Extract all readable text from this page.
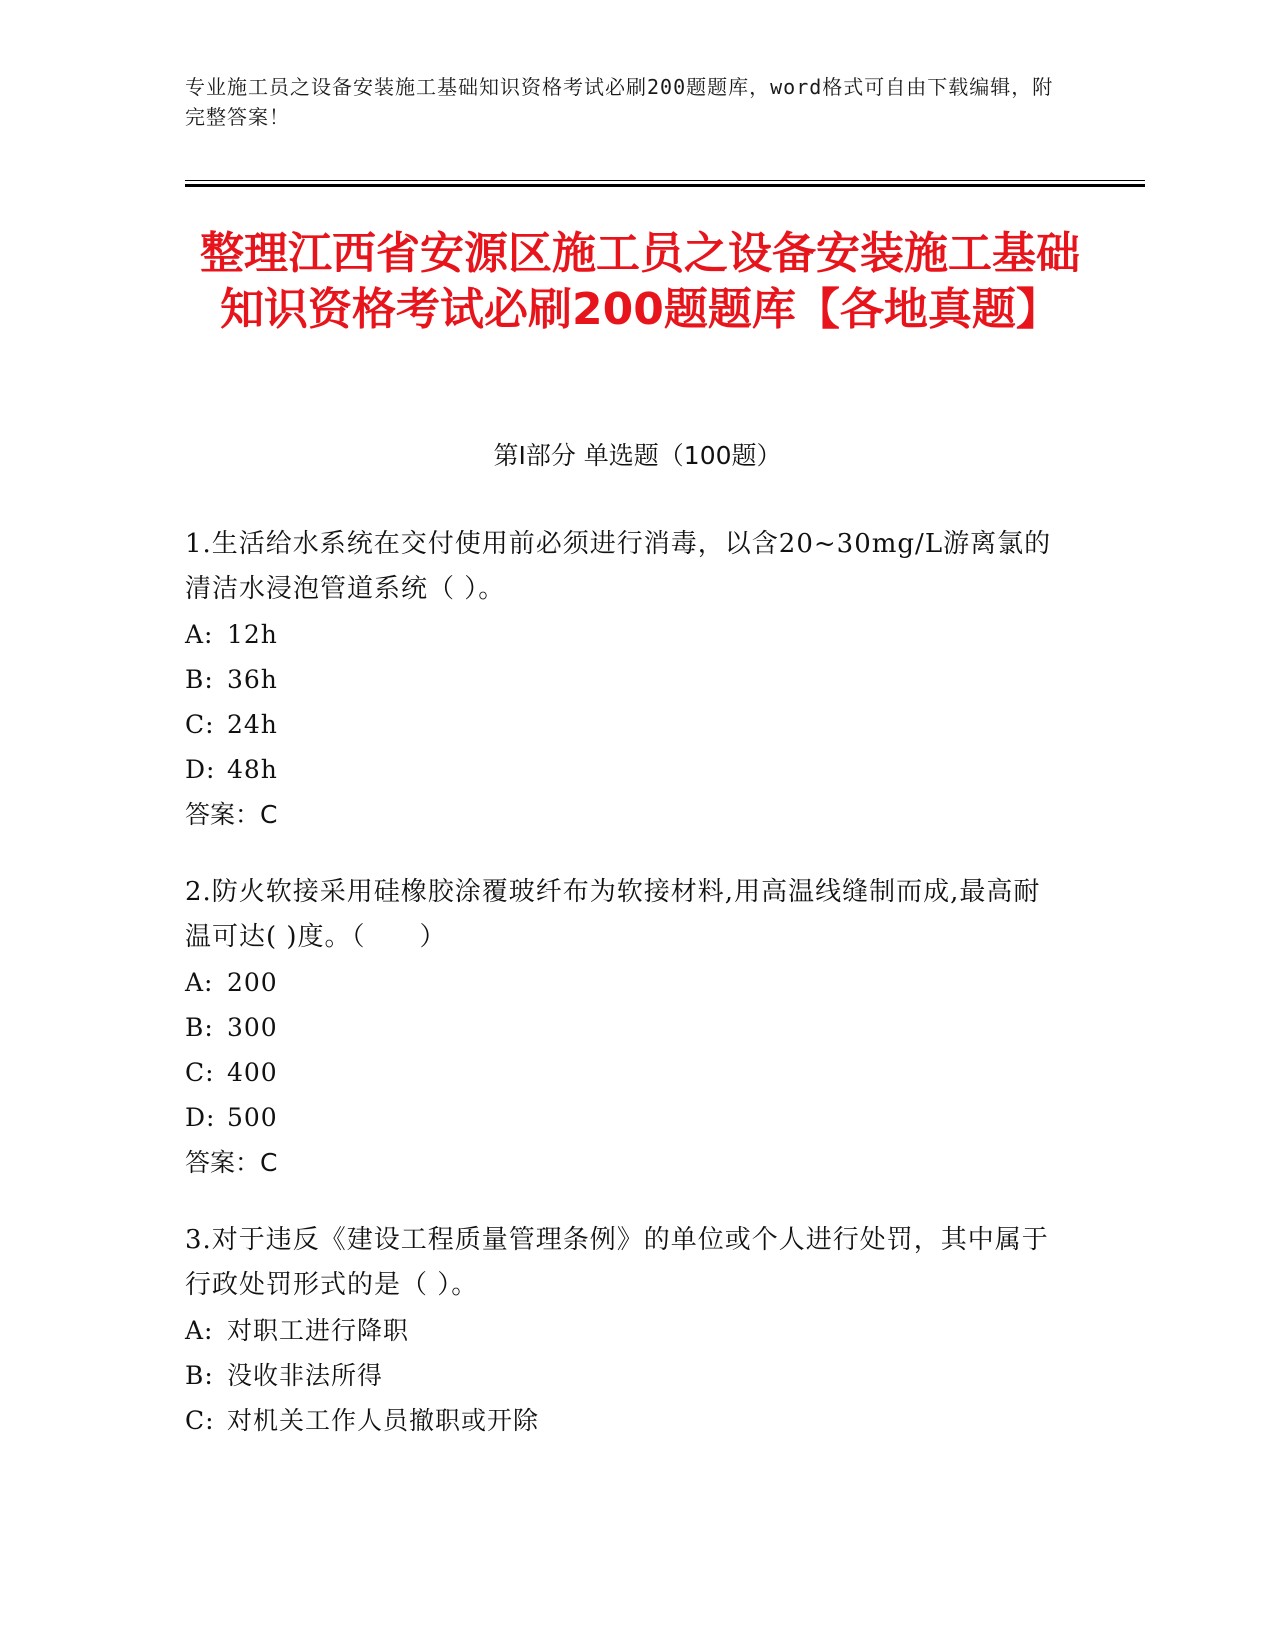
专业施工员之设备安装施工基础知识资格考试必刷200题题库，word格式可自由下载编辑，附完整答案！
整理江西省安源区施工员之设备安装施工基础知识资格考试必刷200题题库【各地真题】
第I部分 单选题（100题）

1.生活给水系统在交付使用前必须进行消毒，以含20~30mg/L游离氯的清洁水浸泡管道系统（ ）。

A: 12h

B: 36h

C: 24h

D: 48h

答案：C

2.防火软接采用硅橡胶涂覆玻纤布为软接材料,用高温线缝制而成,最高耐温可达( )度。（　　）

A: 200

B: 300

C: 400

D: 500

答案：C

3.对于违反《建设工程质量管理条例》的单位或个人进行处罚，其中属于行政处罚形式的是（ ）。

A: 对职工进行降职

B: 没收非法所得

C: 对机关工作人员撤职或开除
